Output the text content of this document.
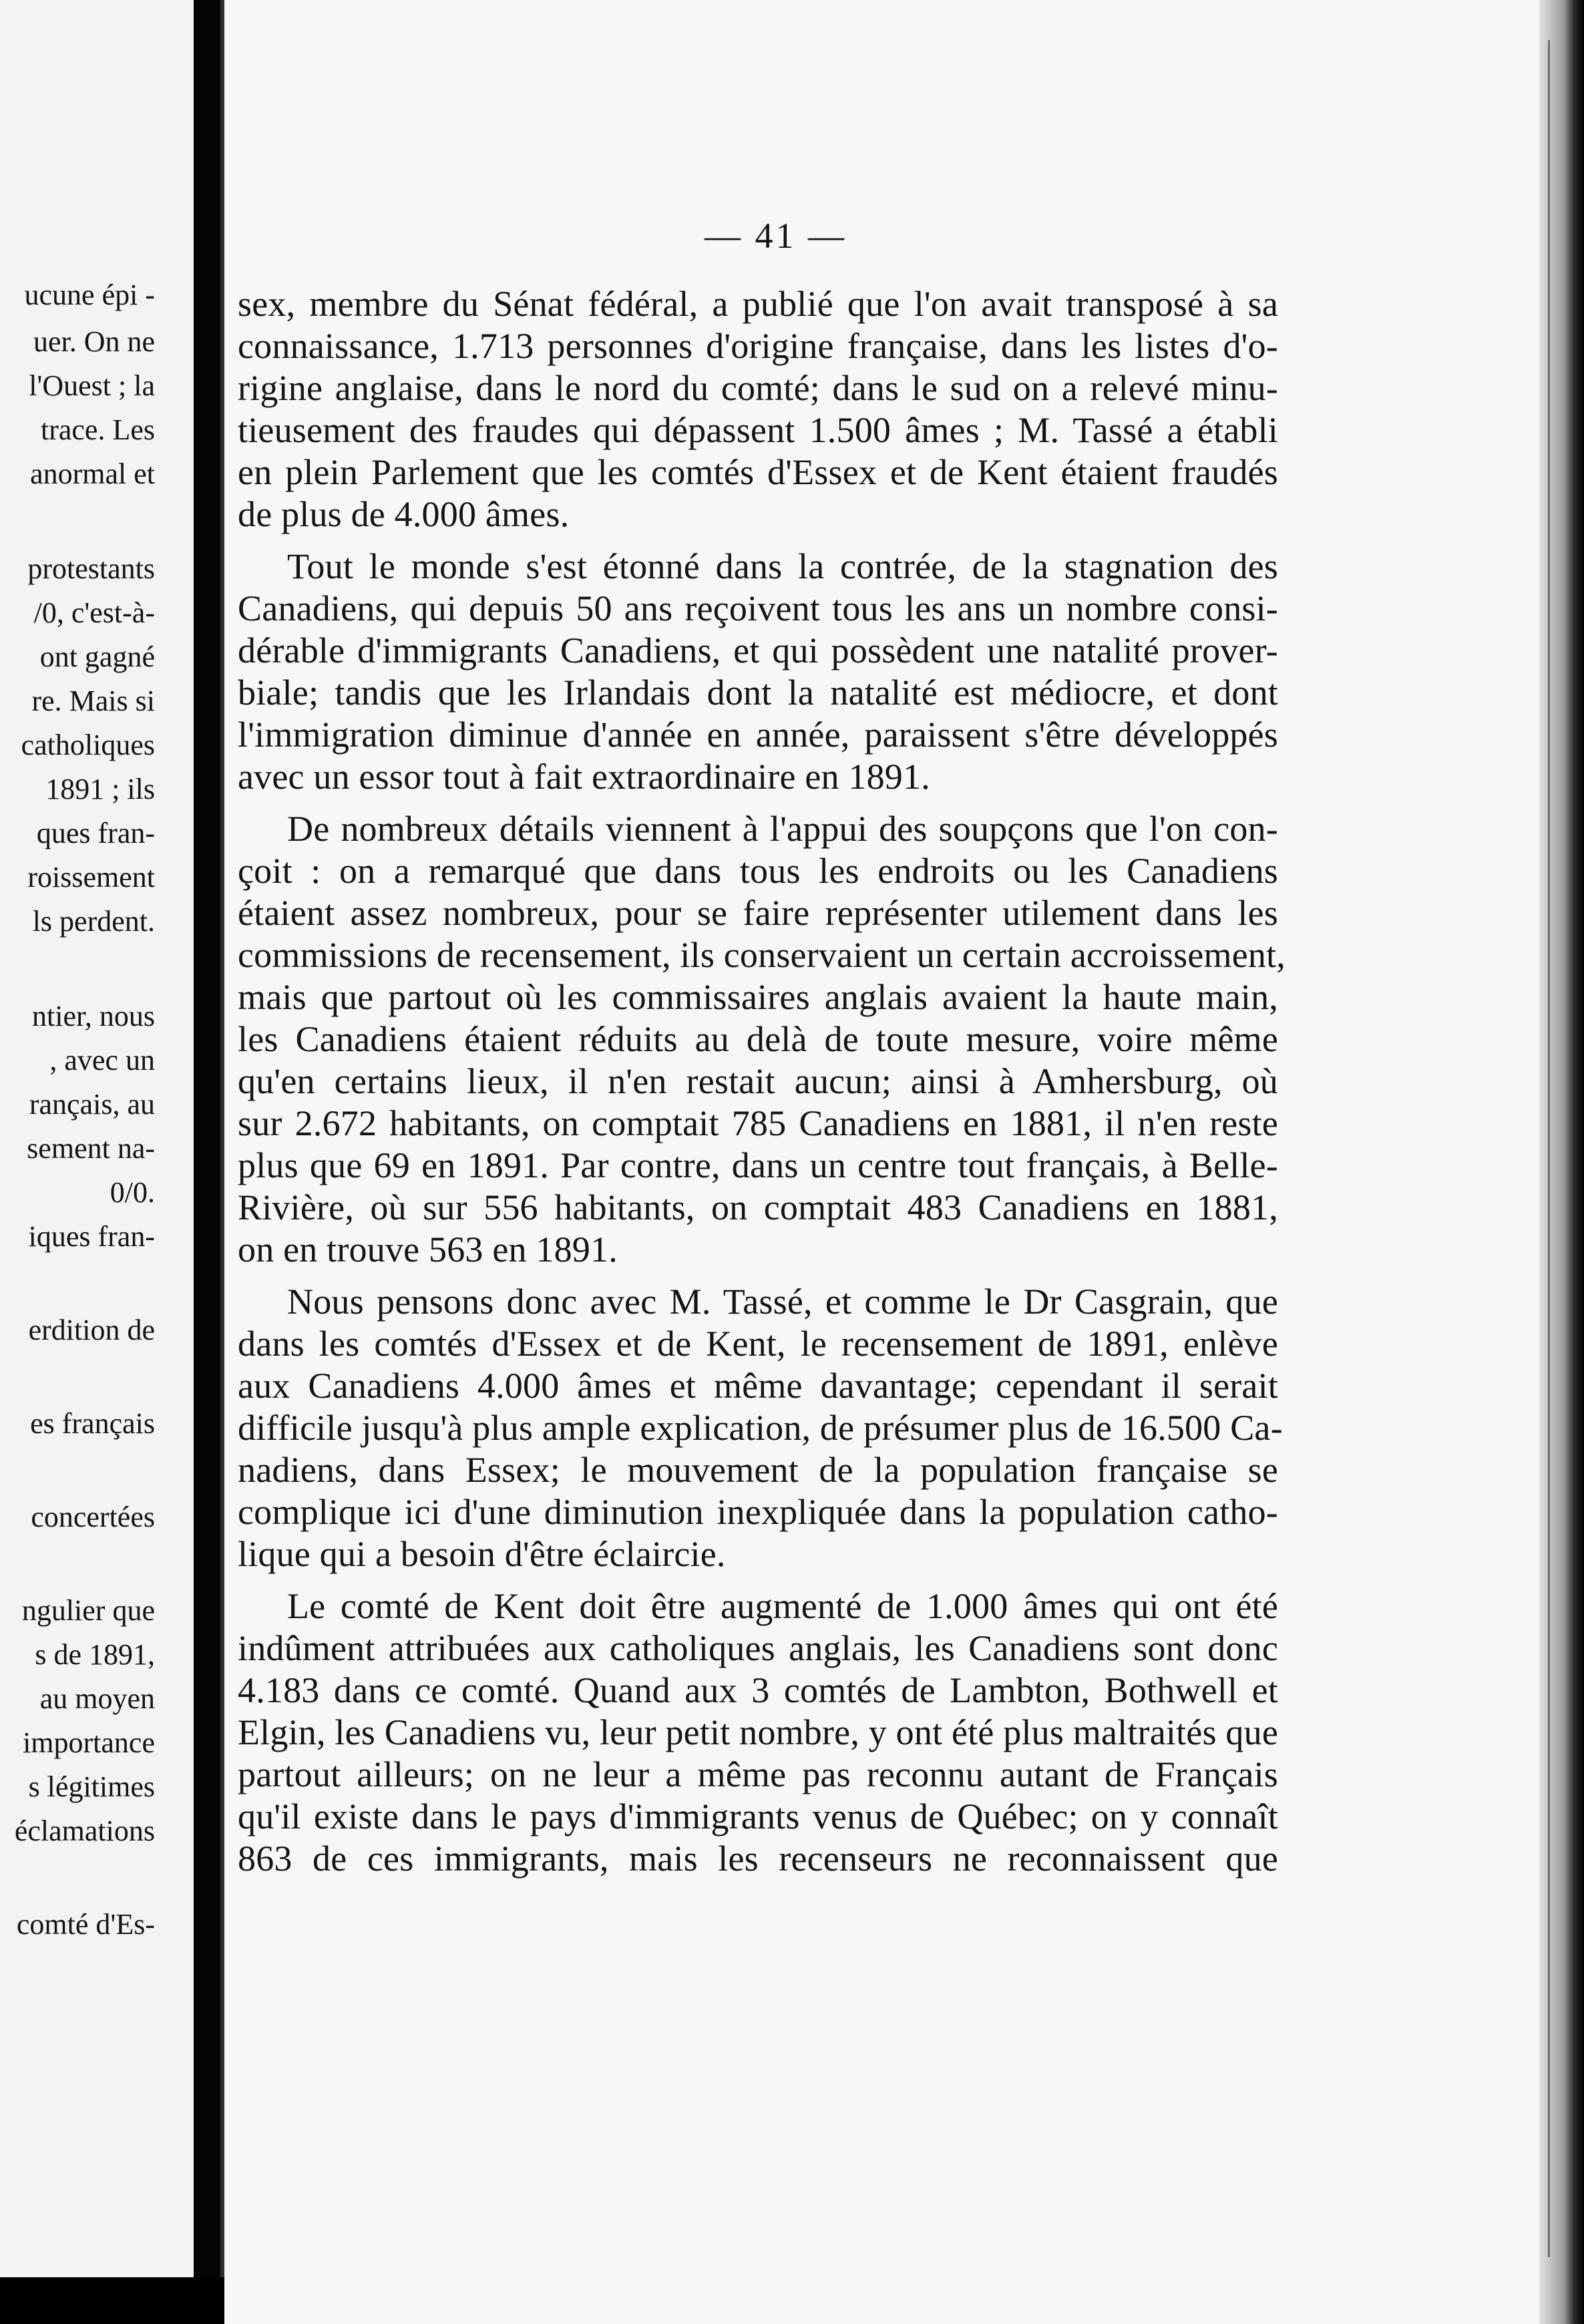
ucune épi -
uer. On ne
l'Ouest ; la
trace. Les
anormal et
protestants
/0, c'est-à-
ont gagné
re. Mais si
catholiques
1891 ; ils
ques fran-
roissement
ls perdent.
ntier, nous
, avec un
rançais, au
sement na-
0/0.
iques fran-
erdition de
es français
concertées
ngulier que
s de 1891,
au moyen
importance
s légitimes
éclamations
comté d'Es-
— 41 —
sex, membre du Sénat fédéral, a publié que l'on avait transposé à sa
connaissance, 1.713 personnes d'origine française, dans les listes d'o-
rigine anglaise, dans le nord du comté; dans le sud on a relevé minu-
tieusement des fraudes qui dépassent 1.500 âmes ; M. Tassé a établi
en plein Parlement que les comtés d'Essex et de Kent étaient fraudés
de plus de 4.000 âmes.
Tout le monde s'est étonné dans la contrée, de la stagnation des
Canadiens, qui depuis 50 ans reçoivent tous les ans un nombre consi-
dérable d'immigrants Canadiens, et qui possèdent une natalité prover-
biale; tandis que les Irlandais dont la natalité est médiocre, et dont
l'immigration diminue d'année en année, paraissent s'être développés
avec un essor tout à fait extraordinaire en 1891.
De nombreux détails viennent à l'appui des soupçons que l'on con-
çoit : on a remarqué que dans tous les endroits ou les Canadiens
étaient assez nombreux, pour se faire représenter utilement dans les
commissions de recensement, ils conservaient un certain accroissement,
mais que partout où les commissaires anglais avaient la haute main,
les Canadiens étaient réduits au delà de toute mesure, voire même
qu'en certains lieux, il n'en restait aucun; ainsi à Amhersburg, où
sur 2.672 habitants, on comptait 785 Canadiens en 1881, il n'en reste
plus que 69 en 1891. Par contre, dans un centre tout français, à Belle-
Rivière, où sur 556 habitants, on comptait 483 Canadiens en 1881,
on en trouve 563 en 1891.
Nous pensons donc avec M. Tassé, et comme le Dr Casgrain, que
dans les comtés d'Essex et de Kent, le recensement de 1891, enlève
aux Canadiens 4.000 âmes et même davantage; cependant il serait
difficile jusqu'à plus ample explication, de présumer plus de 16.500 Ca-
nadiens, dans Essex; le mouvement de la population française se
complique ici d'une diminution inexpliquée dans la population catho-
lique qui a besoin d'être éclaircie.
Le comté de Kent doit être augmenté de 1.000 âmes qui ont été
indûment attribuées aux catholiques anglais, les Canadiens sont donc
4.183 dans ce comté. Quand aux 3 comtés de Lambton, Bothwell et
Elgin, les Canadiens vu, leur petit nombre, y ont été plus maltraités que
partout ailleurs; on ne leur a même pas reconnu autant de Français
qu'il existe dans le pays d'immigrants venus de Québec; on y connaît
863 de ces immigrants, mais les recenseurs ne reconnaissent que
